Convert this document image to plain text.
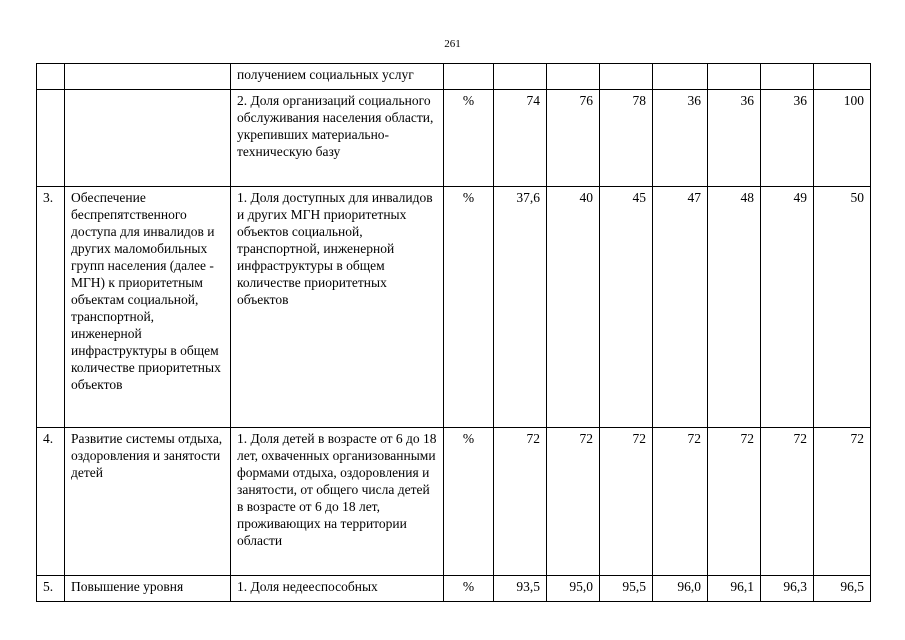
261
		получением социальных услуг								
		2. Доля организаций социального обслуживания населения области, укрепивших материально-техническую базу	%	74	76	78	36	36	36	100
3.	Обеспечение беспрепятственного доступа для инвалидов и других маломобильных групп населения (далее - МГН) к приоритетным объектам социальной, транспортной, инженерной инфраструктуры в общем количестве приоритетных объектов	1. Доля доступных для инвалидов и других МГН приоритетных объектов социальной, транспортной, инженерной инфраструктуры в общем количестве приоритетных объектов	%	37,6	40	45	47	48	49	50
4.	Развитие системы отдыха, оздоровления и занятости детей	1. Доля детей в возрасте от 6 до 18 лет, охваченных организованными формами отдыха, оздоровления и занятости, от общего числа детей в возрасте от 6 до 18 лет, проживающих на территории области	%	72	72	72	72	72	72	72
5.	Повышение уровня	1. Доля недееспособных	%	93,5	95,0	95,5	96,0	96,1	96,3	96,5
